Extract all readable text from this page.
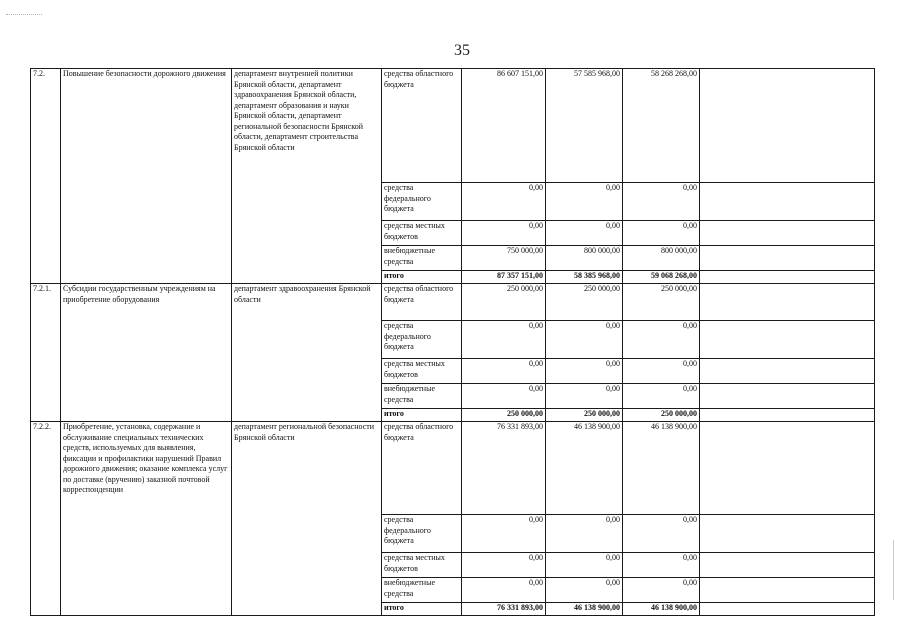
35
7.2.	Повышение безопасности дорожного движения	департамент внутренней политики Брянской области, департамент здравоохранения Брянской области, департамент образования и науки Брянской области, департамент региональной безопасности Брянской области, департамент строительства Брянской области	средства областного бюджета	86 607 151,00	57 585 968,00	58 268 268,00	
			средства федерального бюджета	0,00	0,00	0,00	
			средства местных бюджетов	0,00	0,00	0,00	
			внебюджетные средства	750 000,00	800 000,00	800 000,00	
			итого	87 357 151,00	58 385 968,00	59 068 268,00	
7.2.1.	Субсидии государственным учреждениям на приобретение оборудования	департамент здравоохранения Брянской области	средства областного бюджета	250 000,00	250 000,00	250 000,00	
			средства федерального бюджета	0,00	0,00	0,00	
			средства местных бюджетов	0,00	0,00	0,00	
			внебюджетные средства	0,00	0,00	0,00	
			итого	250 000,00	250 000,00	250 000,00	
7.2.2.	Приобретение, установка, содержание и обслуживание специальных технических средств, используемых для выявления, фиксации и профилактики нарушений Правил дорожного движения; оказание комплекса услуг по доставке (вручению) заказной почтовой корреспонденции	департамент региональной безопасности Брянской области	средства областного бюджета	76 331 893,00	46 138 900,00	46 138 900,00	
			средства федерального бюджета	0,00	0,00	0,00	
			средства местных бюджетов	0,00	0,00	0,00	
			внебюджетные средства	0,00	0,00	0,00	
			итого	76 331 893,00	46 138 900,00	46 138 900,00	
